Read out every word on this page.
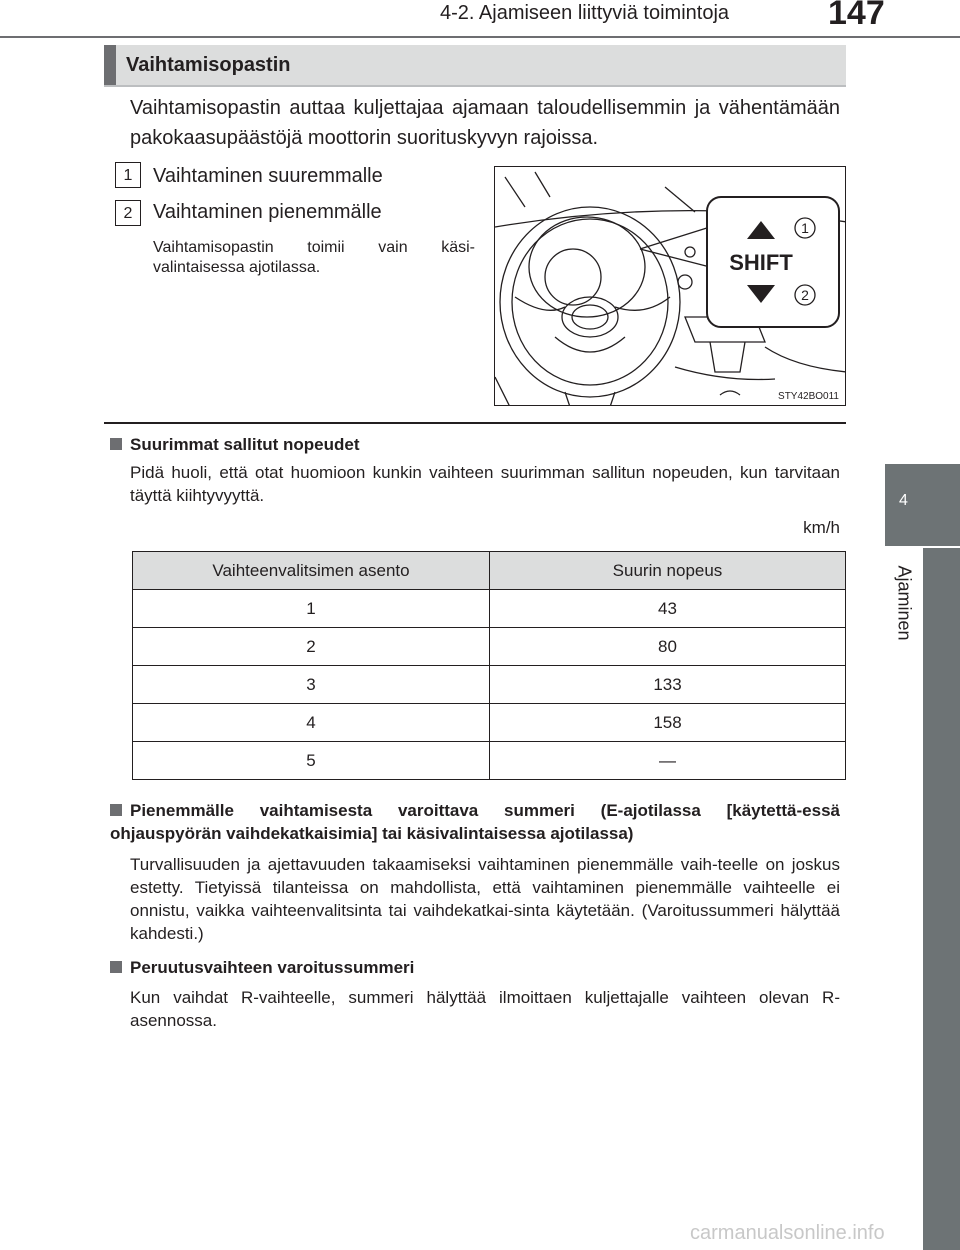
4-2. Ajamiseen liittyviä toimintoja	147
4
Ajaminen
Vaihtamisopastin
Vaihtamisopastin auttaa kuljettajaa ajamaan taloudellisemmin ja vähentämään pakokaasupäästöjä moottorin suorituskyvyn rajoissa.
1	Vaihtaminen suuremmalle
2	Vaihtaminen pienemmälle
Vaihtamisopastin toimii vain käsi-valintaisessa ajotilassa.	SHIFT
1
2
STY42BO011
Suurimmat sallitut nopeudet
Pidä huoli, että otat huomioon kunkin vaihteen suurimman sallitun nopeuden, kun tarvitaan täyttä kiihtyvyyttä.
km/h
Vaihteenvalitsimen asento	Suurin nopeus
1	43
2	80
3	133
4	158
5	—
Pienemmälle vaihtamisesta varoittava summeri (E-ajotilassa [käytettä-essä ohjauspyörän vaihdekatkaisimia] tai käsivalintaisessa ajotilassa)
Turvallisuuden ja ajettavuuden takaamiseksi vaihtaminen pienemmälle vaih-teelle on joskus estetty. Tietyissä tilanteissa on mahdollista, että vaihtaminen pienemmälle vaihteelle ei onnistu, vaikka vaihteenvalitsinta tai vaihdekatkai-sinta käytetään. (Varoitussummeri hälyttää kahdesti.)
Peruutusvaihteen varoitussummeri
Kun vaihdat R-vaihteelle, summeri hälyttää ilmoittaen kuljettajalle vaihteen olevan R-asennossa.
carmanualsonline.info
